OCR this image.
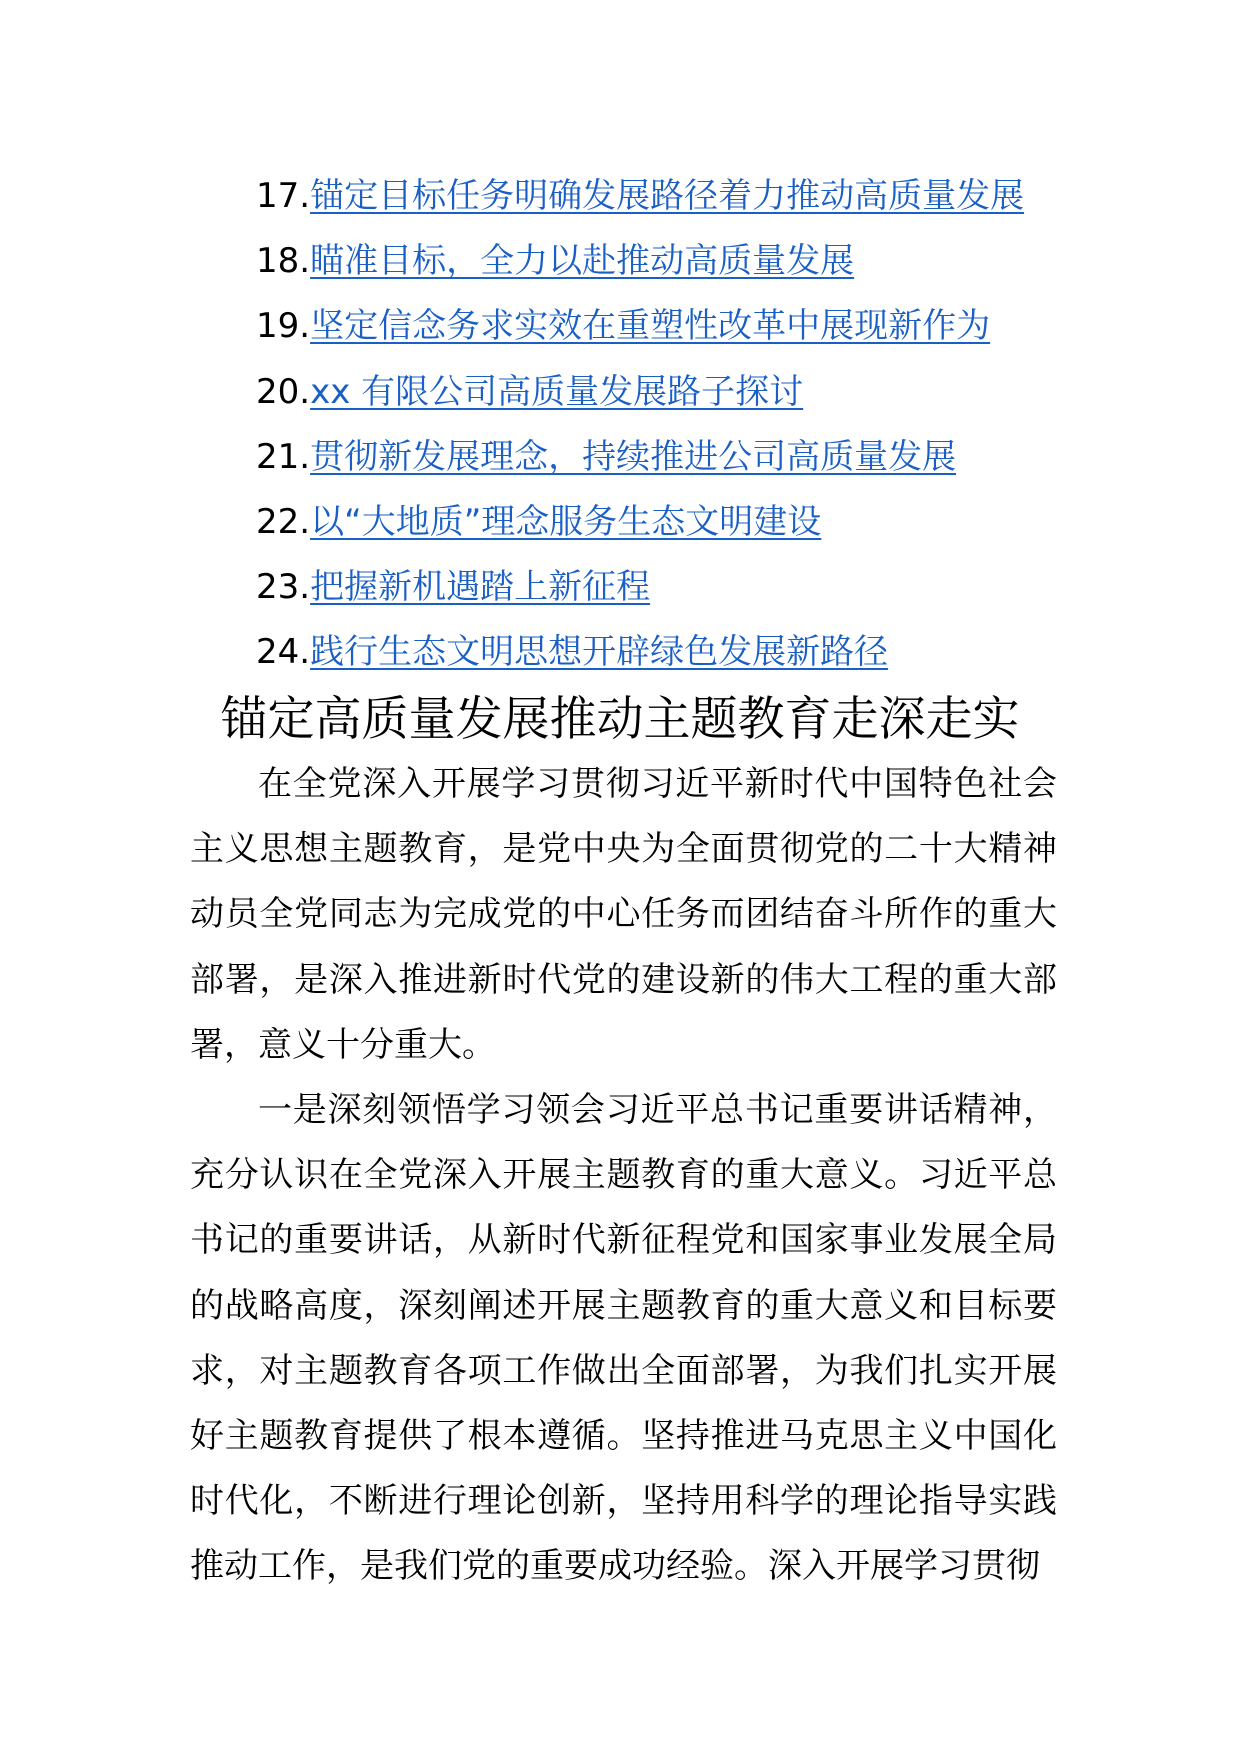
17.锚定目标任务明确发展路径着力推动高质量发展
18.瞄准目标，全力以赴推动高质量发展
19.坚定信念务求实效在重塑性改革中展现新作为
20.xx 有限公司高质量发展路子探讨
21.贯彻新发展理念，持续推进公司高质量发展
22.以“大地质”理念服务生态文明建设
23.把握新机遇踏上新征程
24.践行生态文明思想开辟绿色发展新路径
锚定高质量发展推动主题教育走深走实

在全党深入开展学习贯彻习近平新时代中国特色社会主义思想主题教育，是党中央为全面贯彻党的二十大精神动员全党同志为完成党的中心任务而团结奋斗所作的重大部署，是深入推进新时代党的建设新的伟大工程的重大部署，意义十分重大。

一是深刻领悟学习领会习近平总书记重要讲话精神，充分认识在全党深入开展主题教育的重大意义。习近平总书记的重要讲话，从新时代新征程党和国家事业发展全局的战略高度，深刻阐述开展主题教育的重大意义和目标要求，对主题教育各项工作做出全面部署，为我们扎实开展好主题教育提供了根本遵循。坚持推进马克思主义中国化时代化，不断进行理论创新，坚持用科学的理论指导实践推动工作，是我们党的重要成功经验。深入开展学习贯彻
